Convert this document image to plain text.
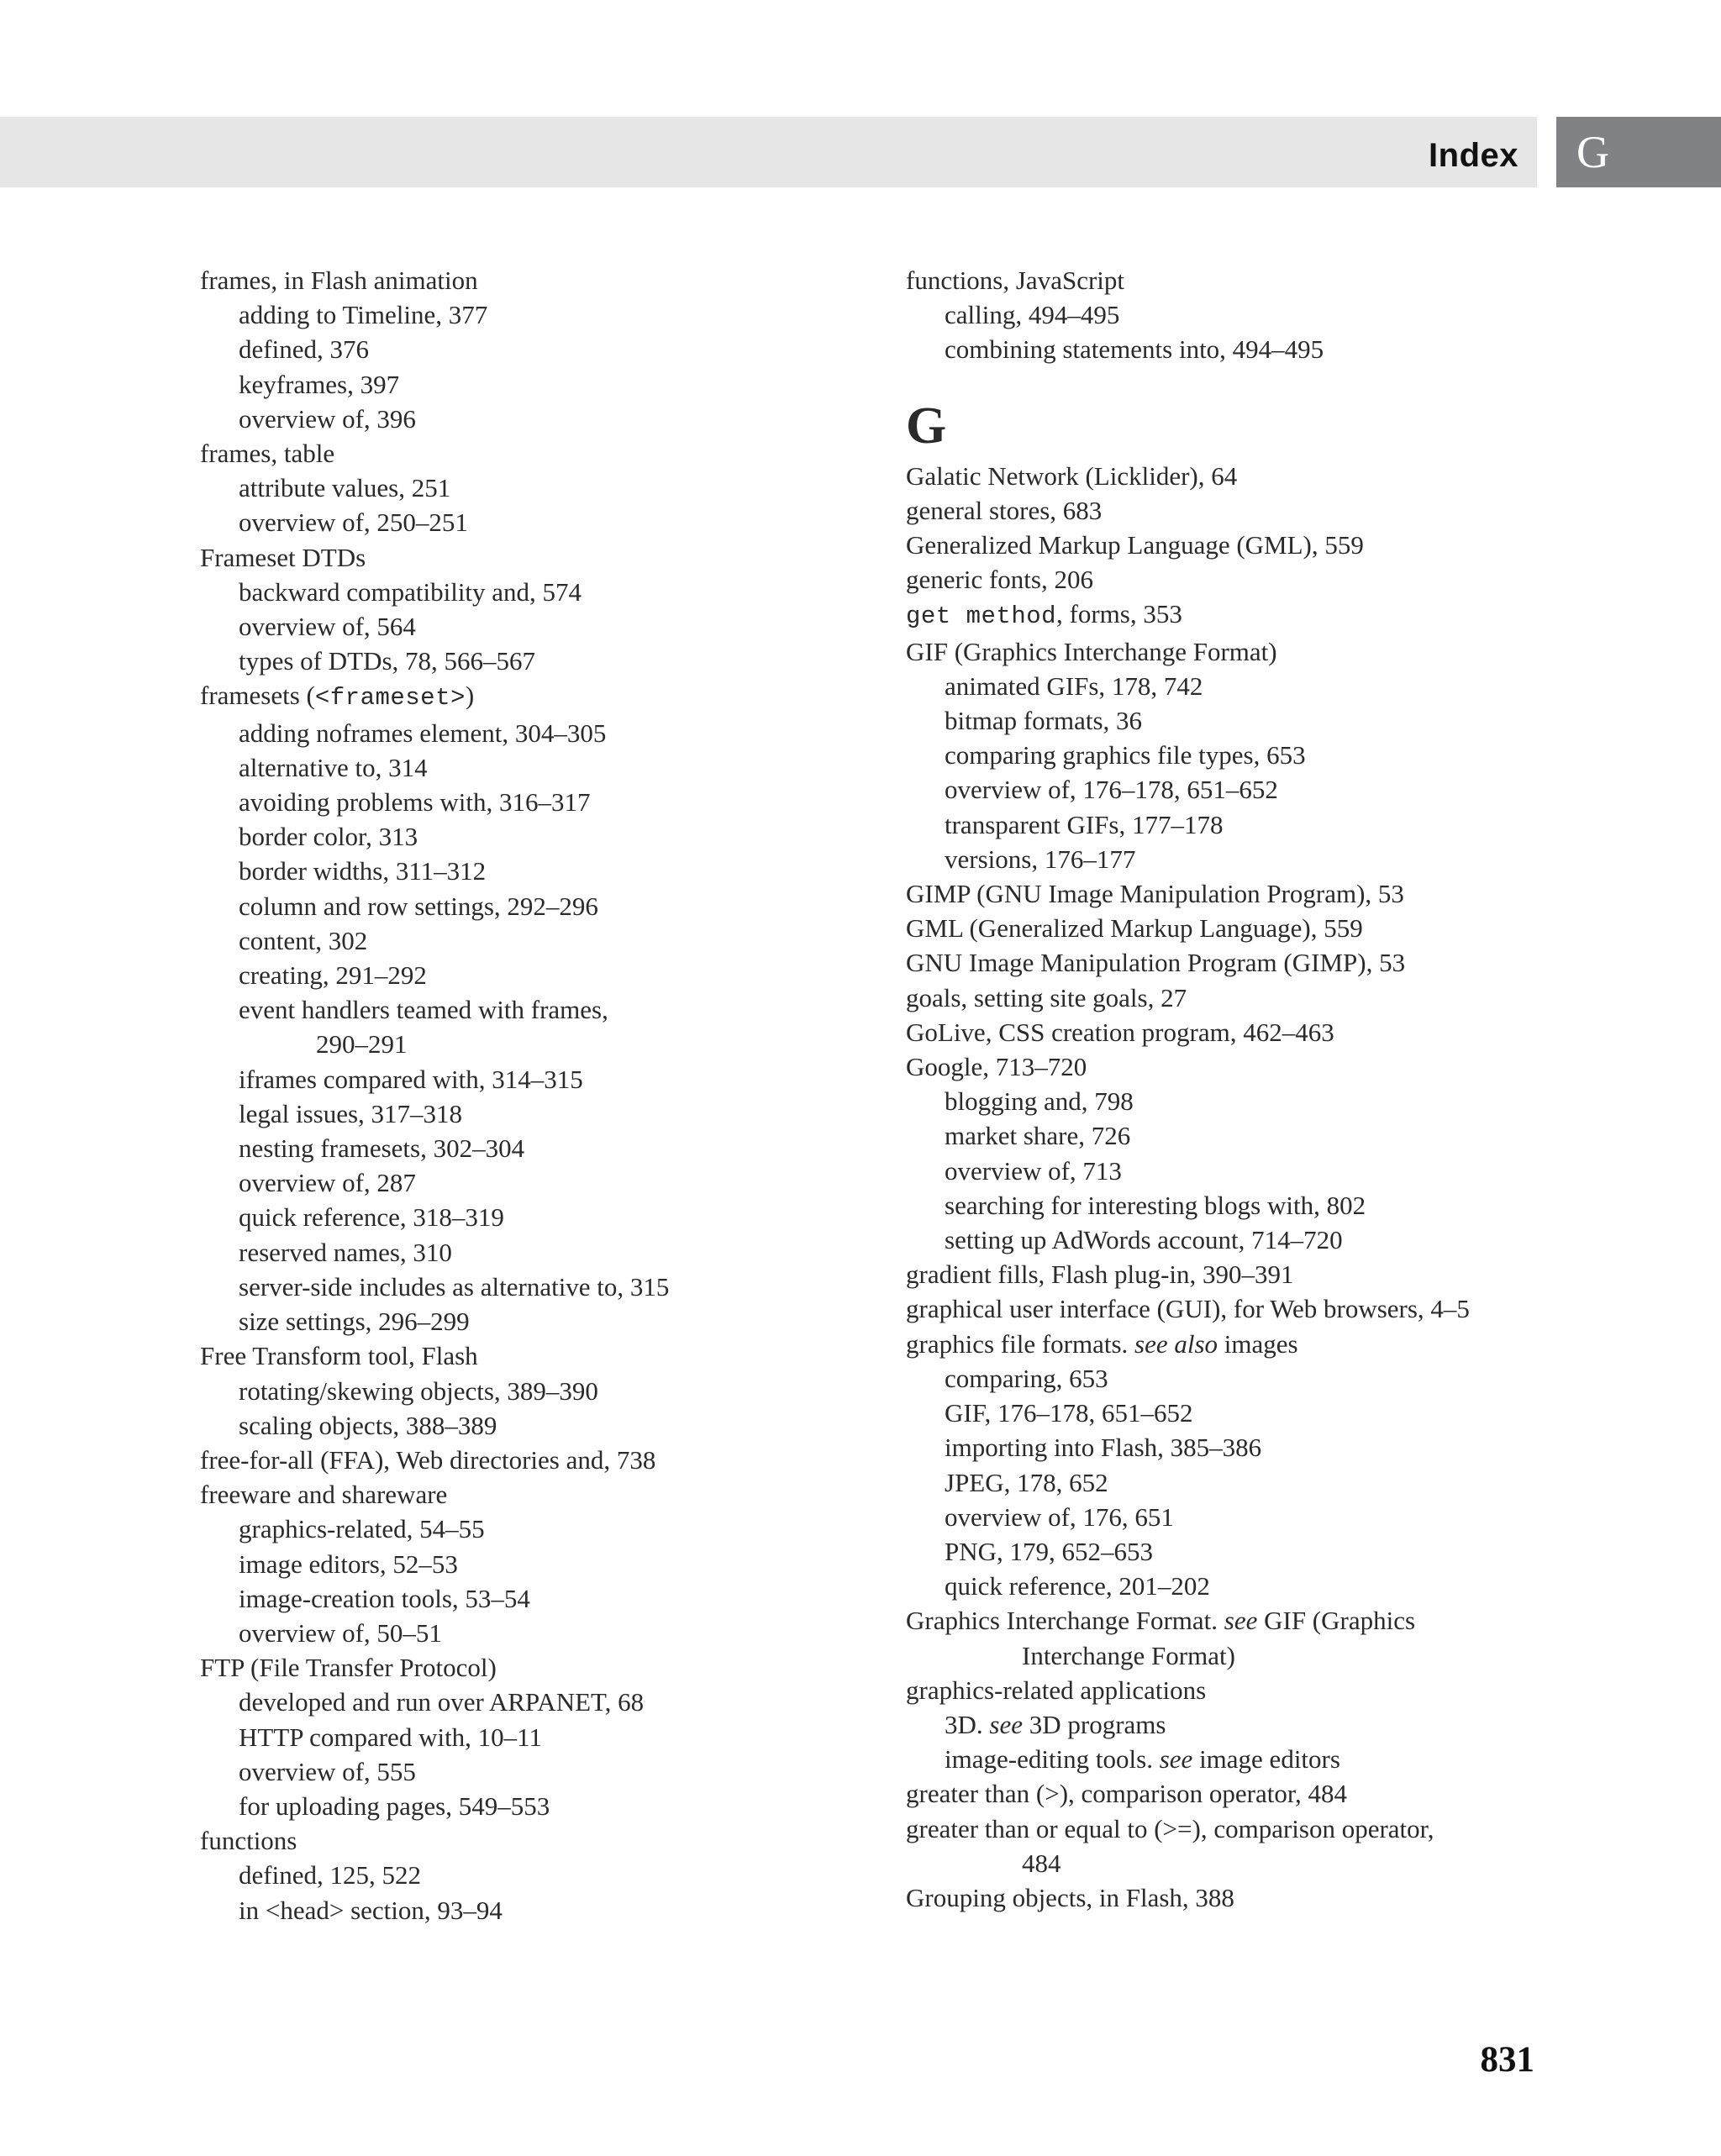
Index	G
frames, in Flash animation
adding to Timeline, 377
defined, 376
keyframes, 397
overview of, 396
frames, table
attribute values, 251
overview of, 250–251
Frameset DTDs
backward compatibility and, 574
overview of, 564
types of DTDs, 78, 566–567
framesets (<frameset>)
adding noframes element, 304–305
alternative to, 314
avoiding problems with, 316–317
border color, 313
border widths, 311–312
column and row settings, 292–296
content, 302
creating, 291–292
event handlers teamed with frames,
290–291
iframes compared with, 314–315
legal issues, 317–318
nesting framesets, 302–304
overview of, 287
quick reference, 318–319
reserved names, 310
server-side includes as alternative to, 315
size settings, 296–299
Free Transform tool, Flash
rotating/skewing objects, 389–390
scaling objects, 388–389
free-for-all (FFA), Web directories and, 738
freeware and shareware
graphics-related, 54–55
image editors, 52–53
image-creation tools, 53–54
overview of, 50–51
FTP (File Transfer Protocol)
developed and run over ARPANET, 68
HTTP compared with, 10–11
overview of, 555
for uploading pages, 549–553
functions
defined, 125, 522
in <head> section, 93–94
functions, JavaScript
calling, 494–495
combining statements into, 494–495
G
Galatic Network (Licklider), 64
general stores, 683
Generalized Markup Language (GML), 559
generic fonts, 206
get method, forms, 353
GIF (Graphics Interchange Format)
animated GIFs, 178, 742
bitmap formats, 36
comparing graphics file types, 653
overview of, 176–178, 651–652
transparent GIFs, 177–178
versions, 176–177
GIMP (GNU Image Manipulation Program), 53
GML (Generalized Markup Language), 559
GNU Image Manipulation Program (GIMP), 53
goals, setting site goals, 27
GoLive, CSS creation program, 462–463
Google, 713–720
blogging and, 798
market share, 726
overview of, 713
searching for interesting blogs with, 802
setting up AdWords account, 714–720
gradient fills, Flash plug-in, 390–391
graphical user interface (GUI), for Web browsers, 4–5
graphics file formats. see also images
comparing, 653
GIF, 176–178, 651–652
importing into Flash, 385–386
JPEG, 178, 652
overview of, 176, 651
PNG, 179, 652–653
quick reference, 201–202
Graphics Interchange Format. see GIF (Graphics
Interchange Format)
graphics-related applications
3D. see 3D programs
image-editing tools. see image editors
greater than (>), comparison operator, 484
greater than or equal to (>=), comparison operator,
484
Grouping objects, in Flash, 388
831
